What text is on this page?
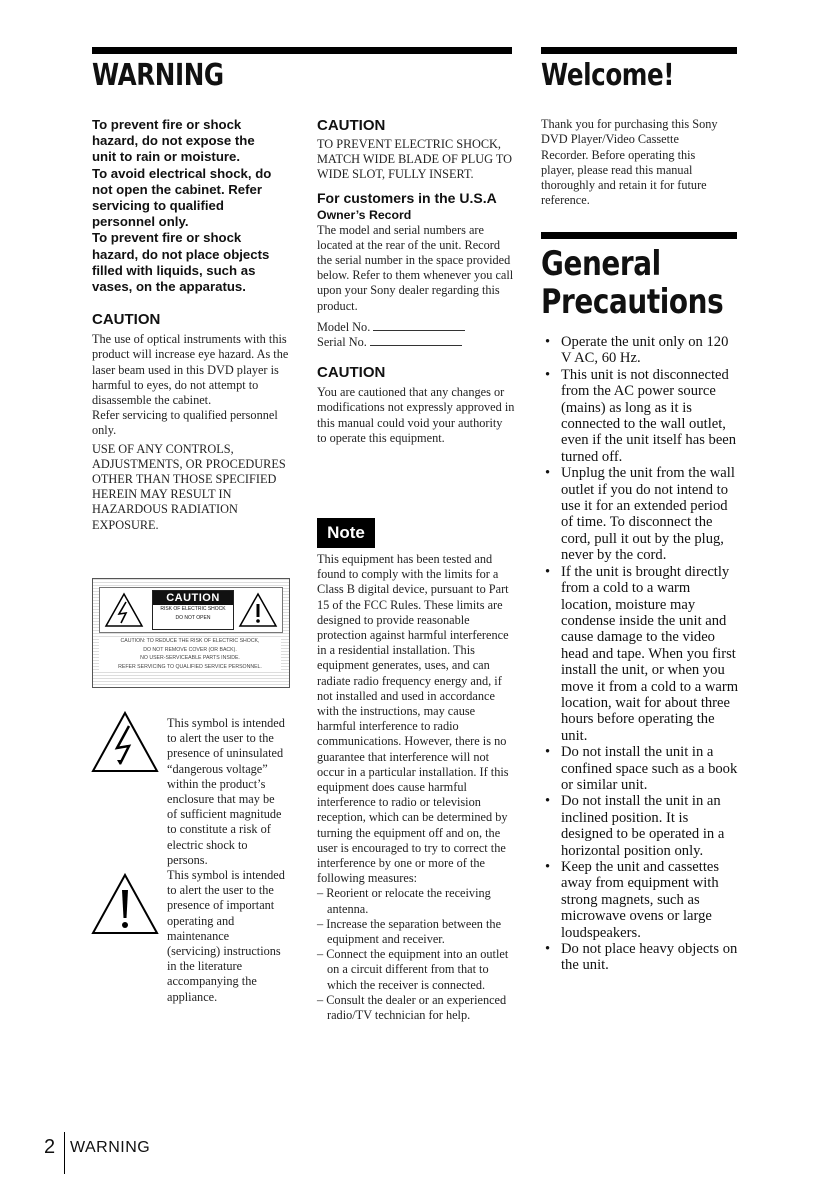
WARNING	Welcome!
To prevent fire or shock
hazard, do not expose the
unit to rain or moisture.
To avoid electrical shock, do
not open the cabinet. Refer
servicing to qualified
personnel only.
To prevent fire or shock
hazard, do not place objects
filled with liquids, such as
vases, on the apparatus.
CAUTION

The use of optical instruments with this product will increase eye hazard. As the laser beam used in this DVD player is harmful to eyes, do not attempt to disassemble the cabinet.

Refer servicing to qualified personnel only.

USE OF ANY CONTROLS, ADJUSTMENTS, OR PROCEDURES OTHER THAN THOSE SPECIFIED HEREIN MAY RESULT IN HAZARDOUS RADIATION EXPOSURE.

CAUTION
RISK OF ELECTRIC SHOCK
DO NOT OPEN
CAUTION: TO REDUCE THE RISK OF ELECTRIC SHOCK,
DO NOT REMOVE COVER (OR BACK).
NO USER-SERVICEABLE PARTS INSIDE.
REFER SERVICING TO QUALIFIED SERVICE PERSONNEL.

This symbol is intended to alert the user to the presence of uninsulated “dangerous voltage” within the product’s enclosure that may be of sufficient magnitude to constitute a risk of electric shock to persons.

This symbol is intended to alert the user to the presence of important operating and maintenance (servicing) instructions in the literature accompanying the appliance.

CAUTION

TO PREVENT ELECTRIC SHOCK, MATCH WIDE BLADE OF PLUG TO WIDE SLOT, FULLY INSERT.

For customers in the U.S.A
Owner’s Record

The model and serial numbers are located at the rear of the unit. Record the serial number in the space provided below. Refer to them whenever you call upon your Sony dealer regarding this product.

Model No.

Serial No.

CAUTION

You are cautioned that any changes or modifications not expressly approved in this manual could void your authority to operate this equipment.

Note

This equipment has been tested and found to comply with the limits for a Class B digital device, pursuant to Part 15 of the FCC Rules. These limits are designed to provide reasonable protection against harmful interference in a residential installation. This equipment generates, uses, and can radiate radio frequency energy and, if not installed and used in accordance with the instructions, may cause harmful interference to radio communications. However, there is no guarantee that interference will not occur in a particular installation. If this equipment does cause harmful interference to radio or television reception, which can be determined by turning the equipment off and on, the user is encouraged to try to correct the interference by one or more of the following measures:

– Reorient or relocate the receiving antenna.

– Increase the separation between the equipment and receiver.

– Connect the equipment into an outlet on a circuit different from that to which the receiver is connected.

– Consult the dealer or an experienced radio/TV technician for help.

Thank you for purchasing this Sony DVD Player/Video Cassette Recorder. Before operating this player, please read this manual thoroughly and retain it for future reference.

General
Precautions
• Operate the unit only on 120 V AC, 60 Hz.
• This unit is not disconnected from the AC power source (mains) as long as it is connected to the wall outlet, even if the unit itself has been turned off.
• Unplug the unit from the wall outlet if you do not intend to use it for an extended period of time. To disconnect the cord, pull it out by the plug, never by the cord.
• If the unit is brought directly from a cold to a warm location, moisture may condense inside the unit and cause damage to the video head and tape. When you first install the unit, or when you move it from a cold to a warm location, wait for about three hours before operating the unit.
• Do not install the unit in a confined space such as a book or similar unit.
• Do not install the unit in an inclined position. It is designed to be operated in a horizontal position only.
• Keep the unit and cassettes away from equipment with strong magnets, such as microwave ovens or large loudspeakers.
• Do not place heavy objects on the unit.
2 WARNING
